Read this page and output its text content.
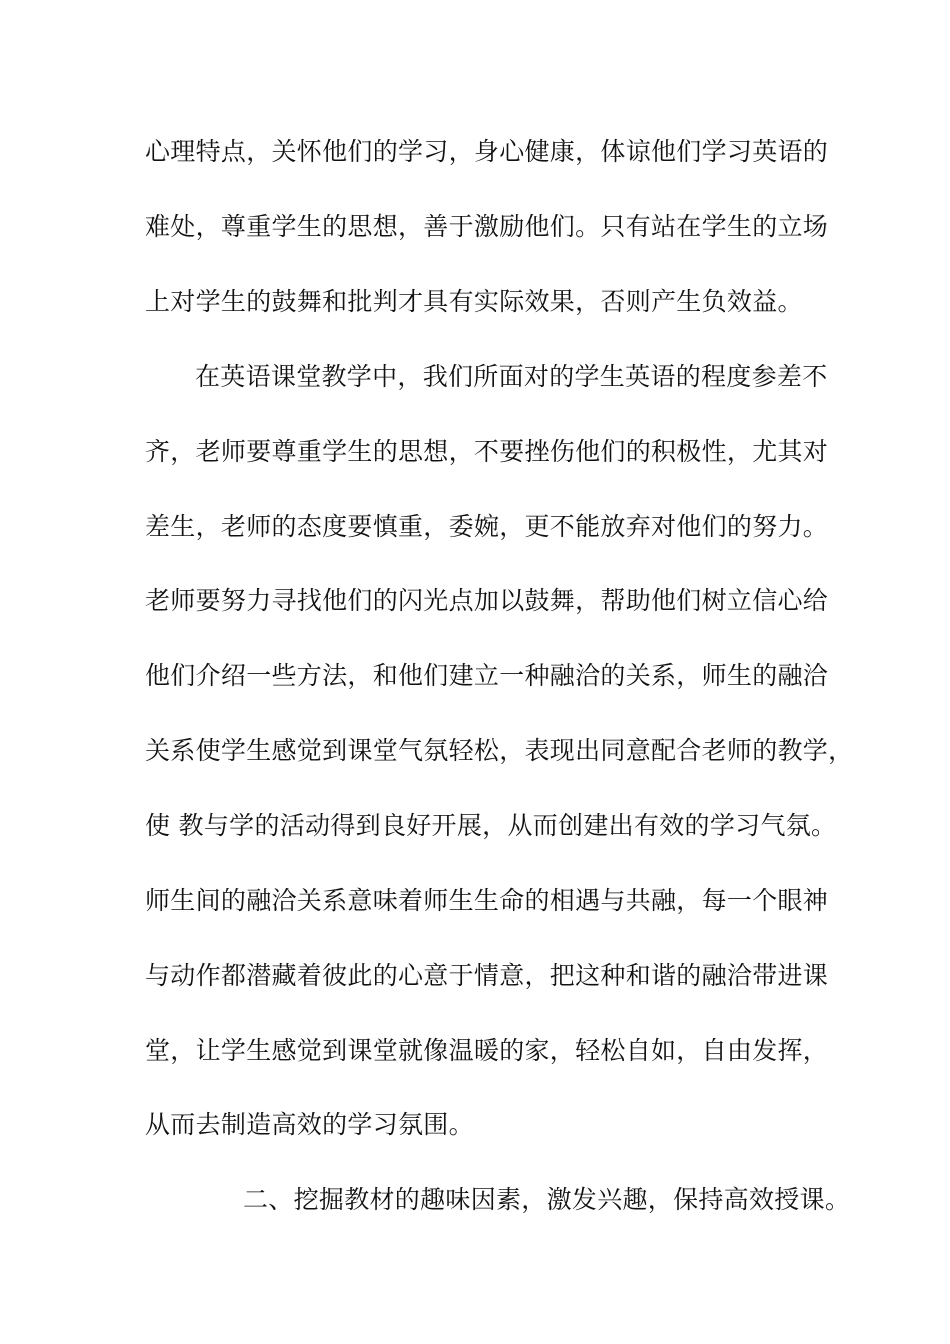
心理特点，关怀他们的学习，身心健康，体谅他们学习英语的
难处，尊重学生的思想，善于激励他们。只有站在学生的立场
上对学生的鼓舞和批判才具有实际效果，否则产生负效益。
在英语课堂教学中，我们所面对的学生英语的程度参差不
齐，老师要尊重学生的思想，不要挫伤他们的积极性，尤其对
差生，老师的态度要慎重，委婉，更不能放弃对他们的努力。
老师要努力寻找他们的闪光点加以鼓舞，帮助他们树立信心给
他们介绍一些方法，和他们建立一种融洽的关系，师生的融洽
关系使学生感觉到课堂气氛轻松，表现出同意配合老师的教学，
使 教与学的活动得到良好开展，从而创建出有效的学习气氛。
师生间的融洽关系意味着师生生命的相遇与共融，每一个眼神
与动作都潜藏着彼此的心意于情意，把这种和谐的融洽带进课
堂，让学生感觉到课堂就像温暖的家，轻松自如，自由发挥，
从而去制造高效的学习氛围。
二、挖掘教材的趣味因素，激发兴趣，保持高效授课。
